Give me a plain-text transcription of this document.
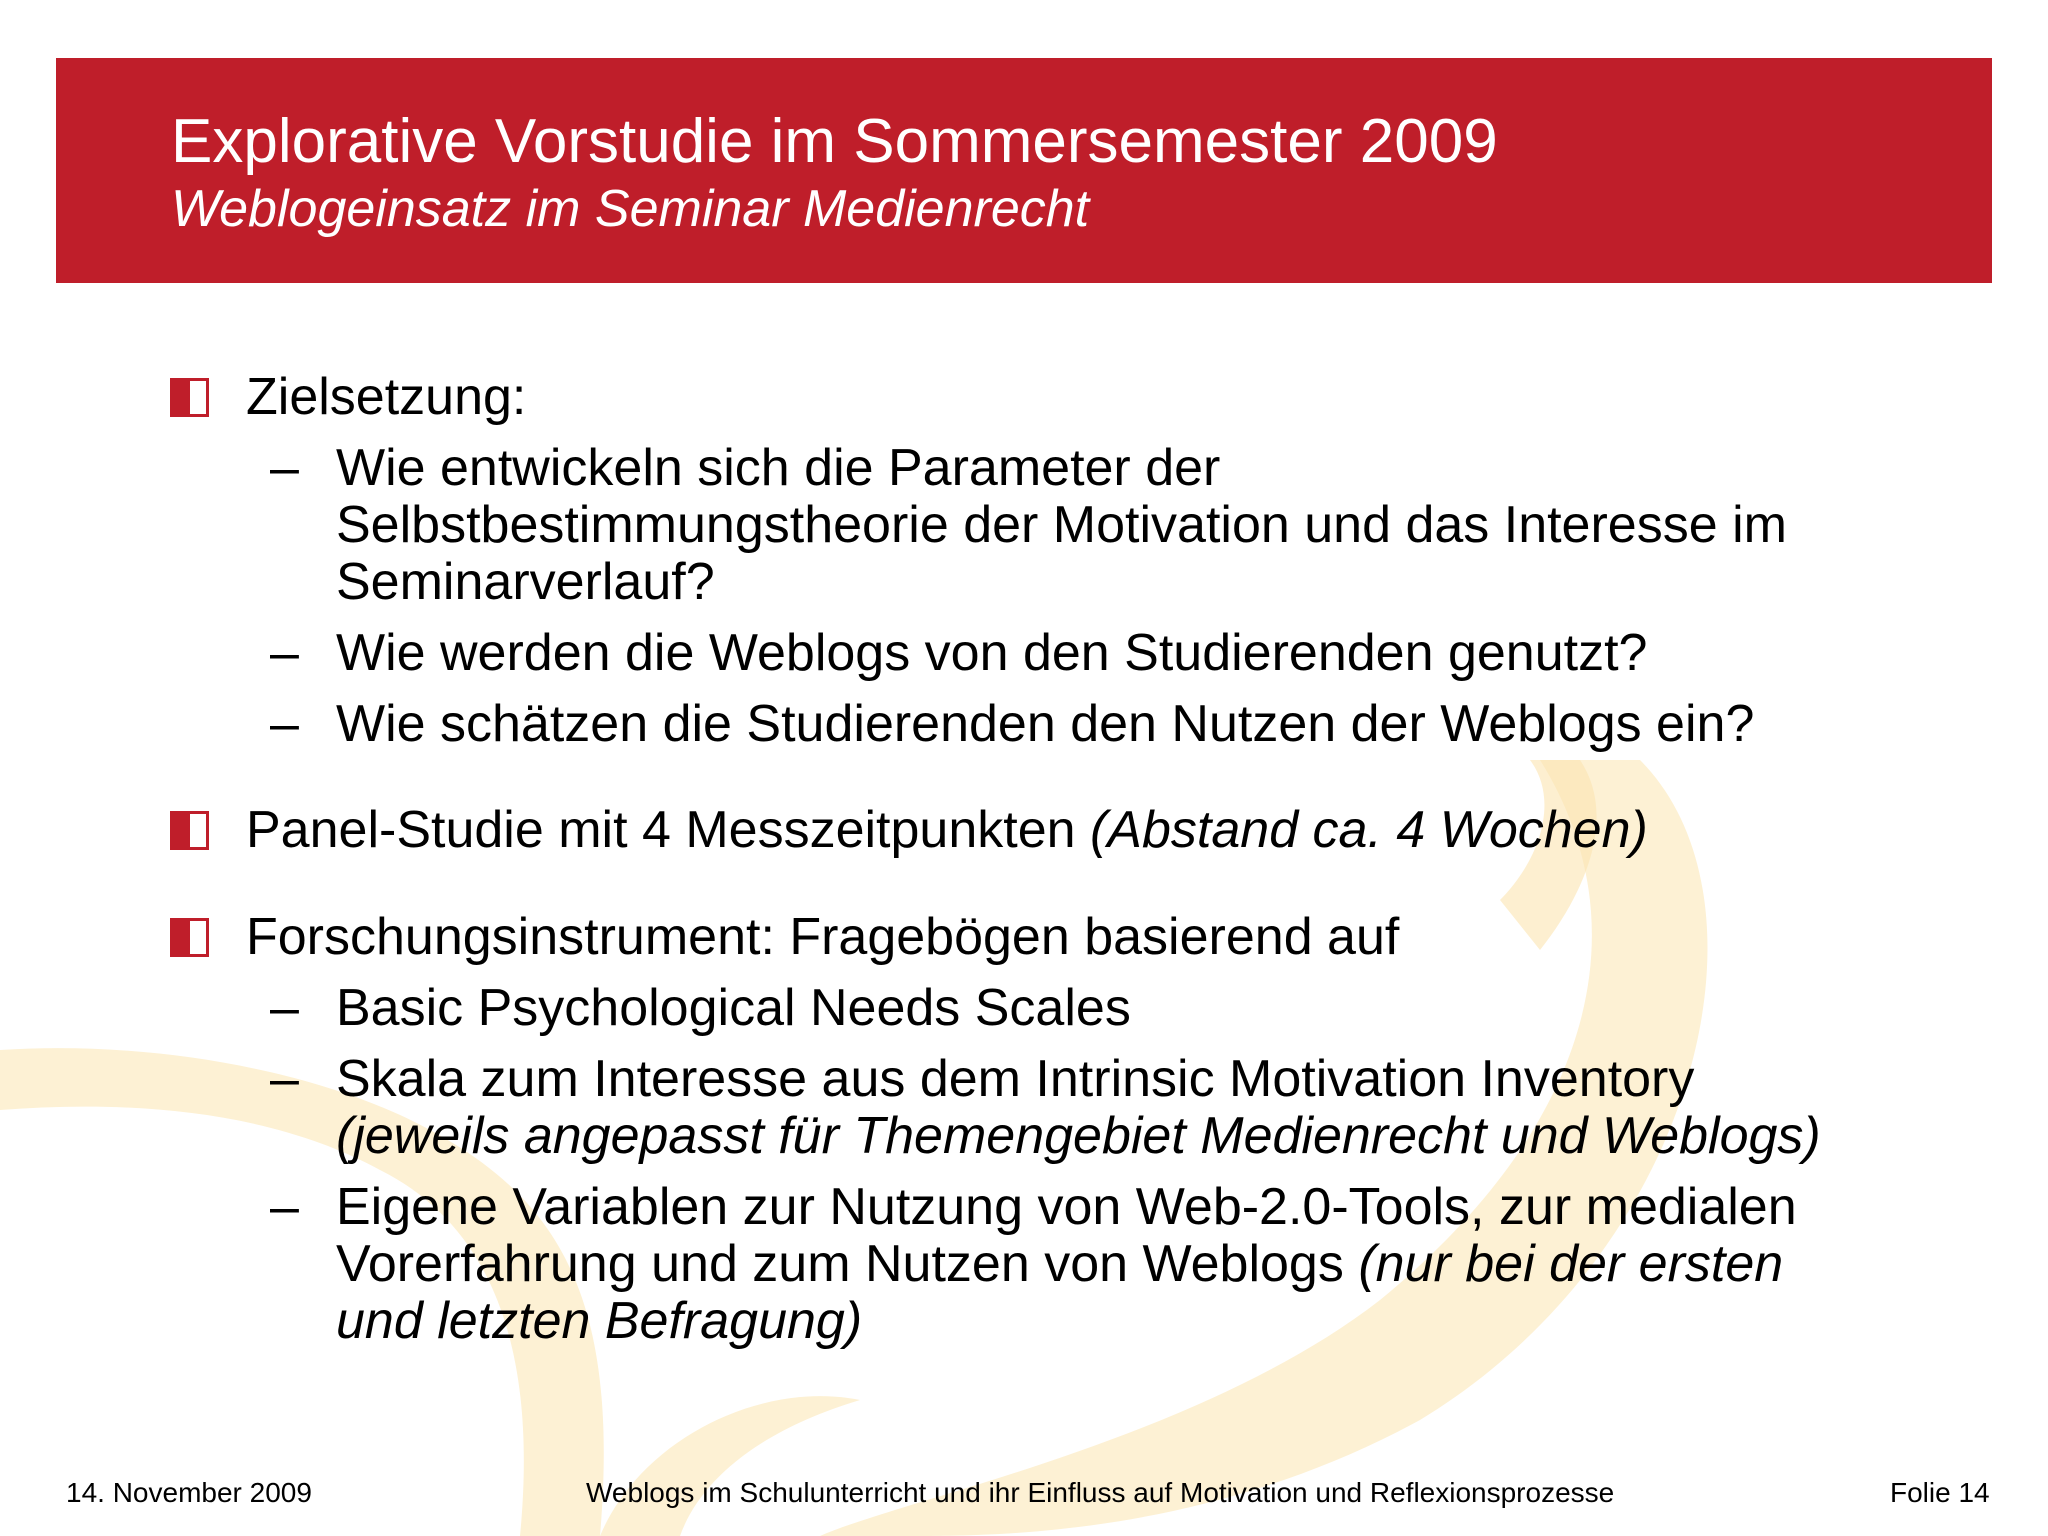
Explorative Vorstudie im Sommersemester 2009
Weblogeinsatz im Seminar Medienrecht
Zielsetzung:
– Wie entwickeln sich die Parameter der
Selbstbestimmungstheorie der Motivation und das Interesse im
Seminarverlauf?
– Wie werden die Weblogs von den Studierenden genutzt?
– Wie schätzen die Studierenden den Nutzen der Weblogs ein?
Panel-Studie mit 4 Messzeitpunkten (Abstand ca. 4 Wochen)
Forschungsinstrument: Fragebögen basierend auf
– Basic Psychological Needs Scales
– Skala zum Interesse aus dem Intrinsic Motivation Inventory
(jeweils angepasst für Themengebiet Medienrecht und Weblogs)
– Eigene Variablen zur Nutzung von Web-2.0-Tools, zur medialen
Vorerfahrung und zum Nutzen von Weblogs (nur bei der ersten
und letzten Befragung)
14. November 2009	Weblogs im Schulunterricht und ihr Einfluss auf Motivation und Reflexionsprozesse	Folie 14
